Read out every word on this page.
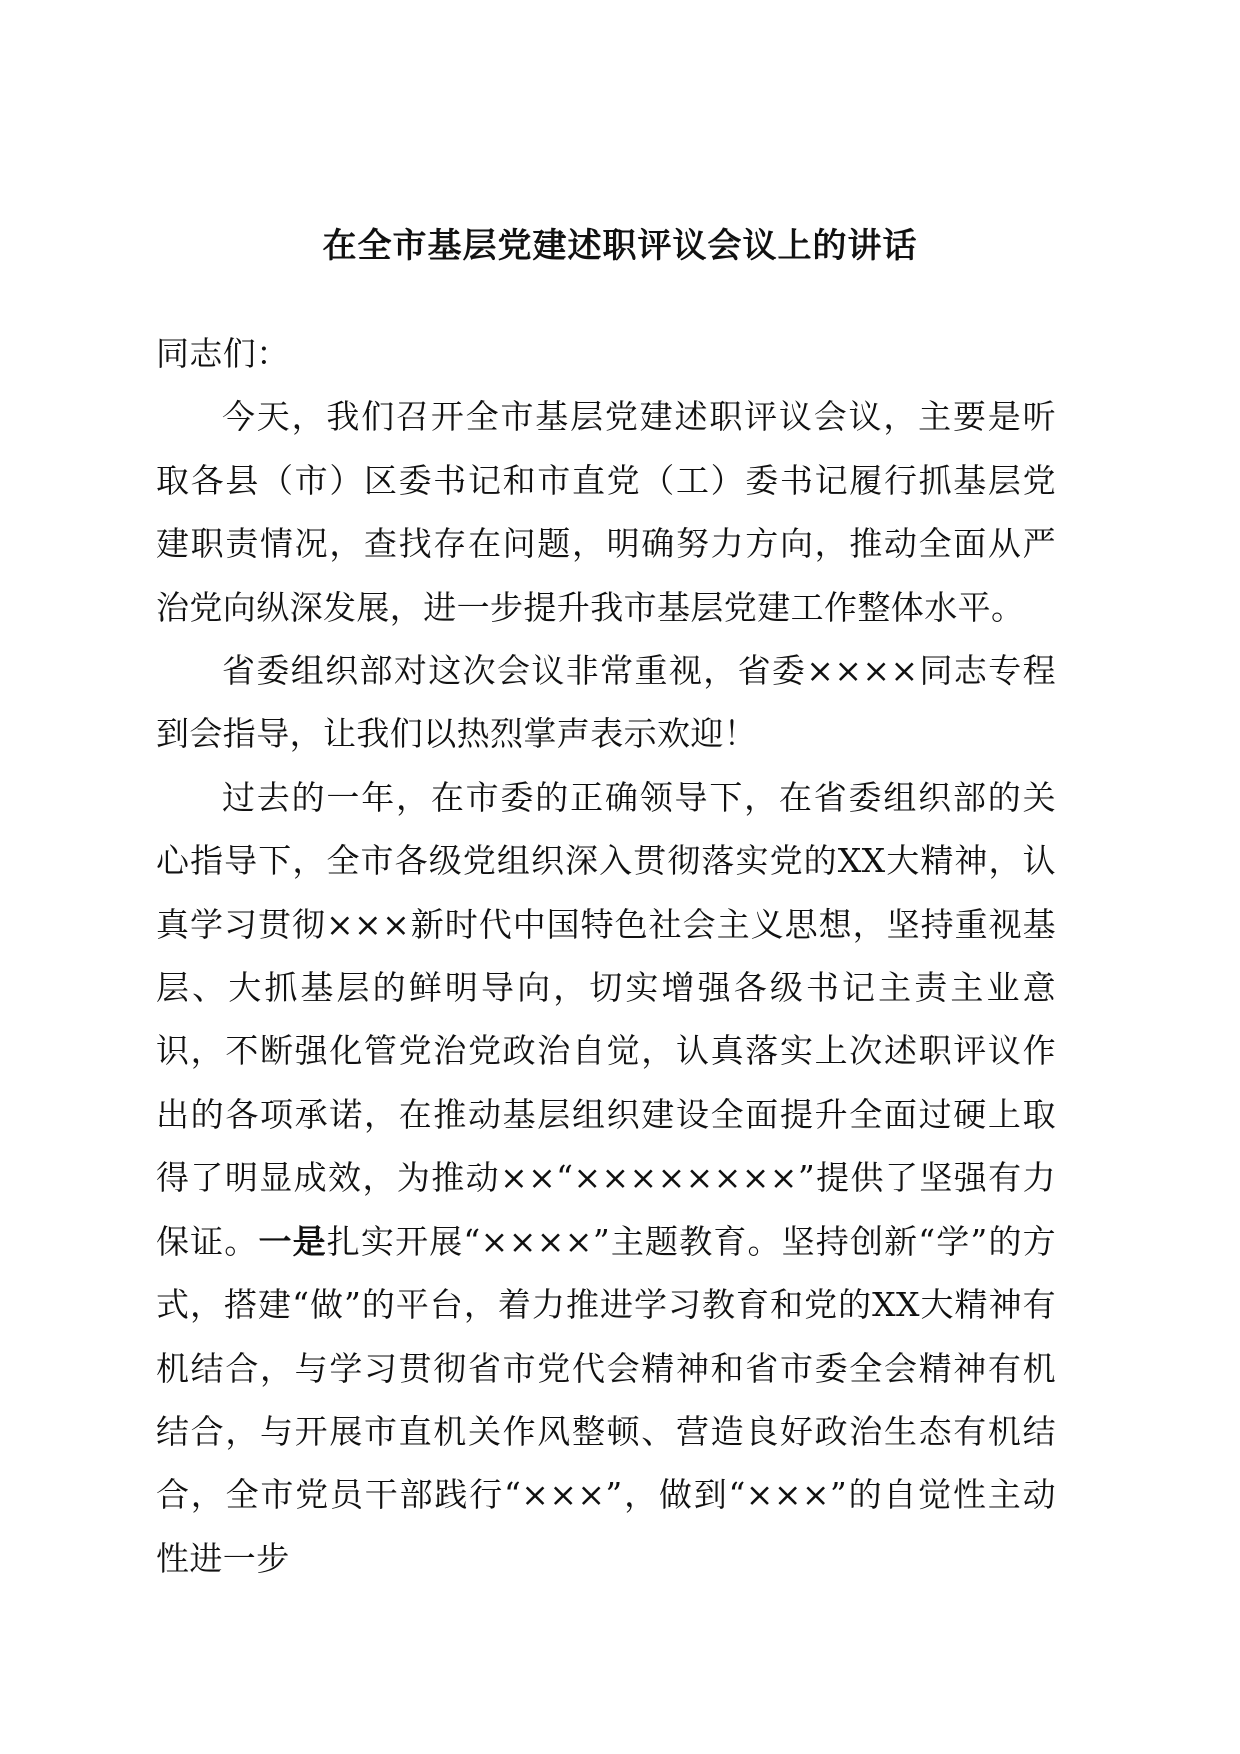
在全市基层党建述职评议会议上的讲话

同志们：

今天，我们召开全市基层党建述职评议会议，主要是听取各县（市）区委书记和市直党（工）委书记履行抓基层党建职责情况，查找存在问题，明确努力方向，推动全面从严治党向纵深发展，进一步提升我市基层党建工作整体水平。

省委组织部对这次会议非常重视，省委××××同志专程到会指导，让我们以热烈掌声表示欢迎！

过去的一年，在市委的正确领导下，在省委组织部的关心指导下，全市各级党组织深入贯彻落实党的XX大精神，认真学习贯彻×××新时代中国特色社会主义思想，坚持重视基层、大抓基层的鲜明导向，切实增强各级书记主责主业意识，不断强化管党治党政治自觉，认真落实上次述职评议作出的各项承诺，在推动基层组织建设全面提升全面过硬上取得了明显成效，为推动××“××××××××”提供了坚强有力保证。一是扎实开展“××××”主题教育。坚持创新“学”的方式，搭建“做”的平台，着力推进学习教育和党的XX大精神有机结合，与学习贯彻省市党代会精神和省市委全会精神有机结合，与开展市直机关作风整顿、营造良好政治生态有机结合，全市党员干部践行“×××”，做到“×××”的自觉性主动性进一步
